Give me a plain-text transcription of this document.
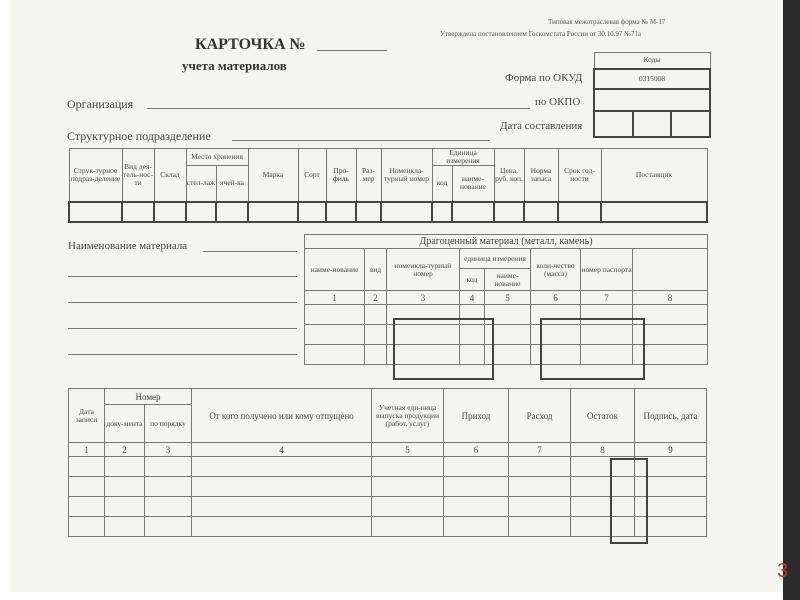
Типовая межотраслевая форма № М-17
Утверждена постановлением Госкомстата России от 30.10.97 №71а
КАРТОЧКА №
учета материалов
Форма по ОКУД
по ОКПО
Дата составления
Коды
0315008

Организация
Структурное подразделение
Струк-турное подраз-деление	Вид дея-тель-нос-ти	Склад	Место хранения		Марка	Сорт	Про-филь	Раз-мер	Номенкла-турный номер	Единица измерения		Цена, руб. коп.	Норма запаса	Срок год-ности	Поставщик
			стел-лаж	ячей-ка						код	наиме-нование				

Наименование материала	Драгоценный материал (металл, камень)							
наиме-нование	вид	номенкла-турный номер	единица измерения		коли-чество (масса)	номер паспорта	
			код	наиме-нование			
1	2	3	4	5	6	7	8

Дата записи	Номер		От кого получено или кому отпущено	Учетная еди-ница выпуска продукции (работ, услуг)	Приход	Расход	Остаток	Подпись, дата
	доку-мента	по порядку						
1	2	3	4	5	6	7	8	9

3
